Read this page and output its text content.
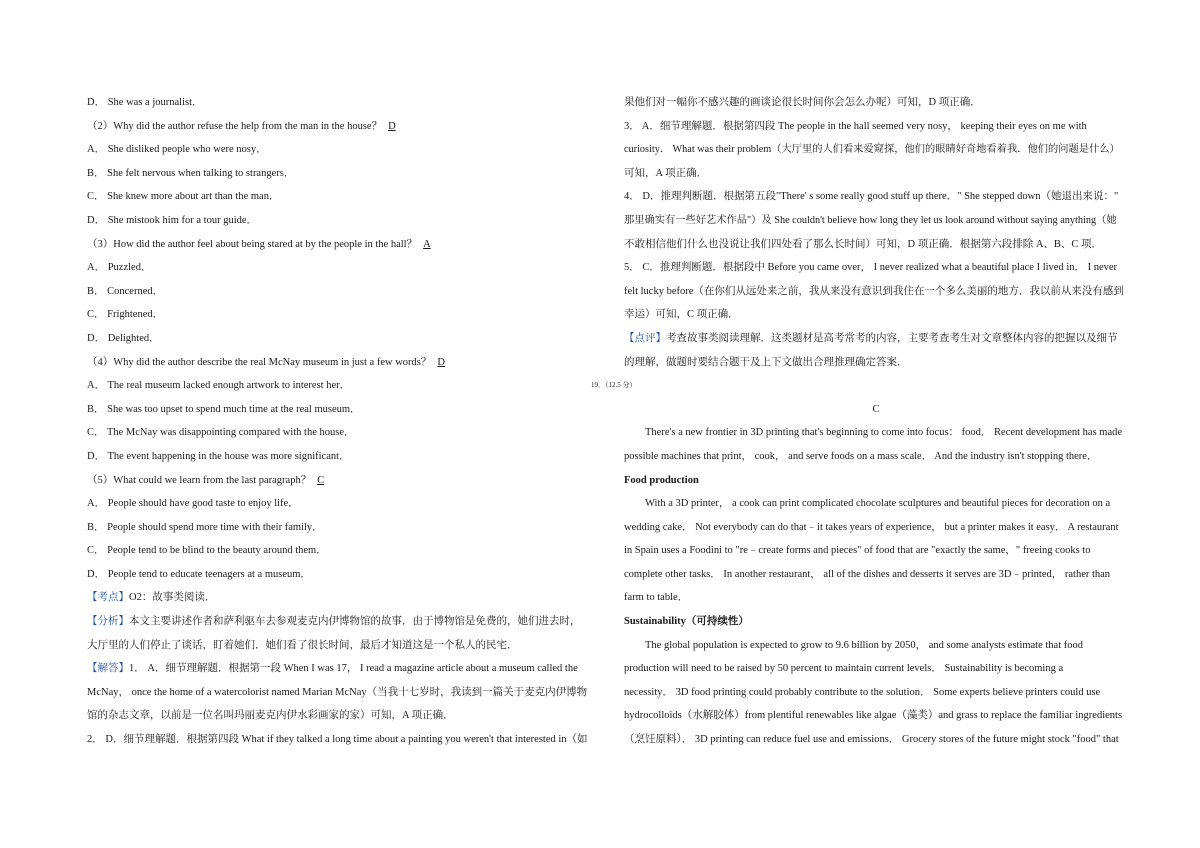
D． She was a journalist．
（2）Why did the author refuse the help from the man in the house？ D
A． She disliked people who were nosy．
B． She felt nervous when talking to strangers．
C． She knew more about art than the man．
D． She mistook him for a tour guide．
（3）How did the author feel about being stared at by the people in the hall？ A
A． Puzzled．
B． Concerned．
C． Frightened．
D． Delighted．
（4）Why did the author describe the real McNay museum in just a few words？ D
A． The real museum lacked enough artwork to interest her．
B． She was too upset to spend much time at the real museum．
C． The McNay was disappointing compared with the house．
D． The event happening in the house was more significant．
（5）What could we learn from the last paragraph？ C
A． People should have good taste to enjoy life．
B． People should spend more time with their family．
C． People tend to be blind to the beauty around them．
D． People tend to educate teenagers at a museum．
【考点】O2：故事类阅读．
【分析】本文主要讲述作者和萨利驱车去参观麦克内伊博物馆的故事．由于博物馆是免费的，她们进去时，
大厅里的人们停止了谈话，盯着她们．她们看了很长时间，最后才知道这是一个私人的民宅．
【解答】1． A．细节理解题．根据第一段 When I was 17， I read a magazine article about a museum called the
McNay， once the home of a watercolorist named Marian McNay（当我十七岁时，我读到一篇关于麦克内伊博物
馆的杂志文章，以前是一位名叫玛丽麦克内伊水彩画家的家）可知，A 项正确．
2． D．细节理解题．根据第四段 What if they talked a long time about a painting you weren't that interested in（如
果他们对一幅你不感兴趣的画谈论很长时间你会怎么办呢）可知，D 项正确．
3． A．细节理解题．根据第四段 The people in the hall seemed very nosy， keeping their eyes on me with
curiosity． What was their problem（大厅里的人们看来爱窥探，他们的眼睛好奇地看着我．他们的问题是什么）
可知，A 项正确．
4． D．推理判断题．根据第五段"There' s some really good stuff up there．" She stepped down（她退出来说："
那里确实有一些好艺术作品"）及 She couldn't believe how long they let us look around without saying anything（她
不敢相信他们什么也没说让我们四处看了那么长时间）可知，D 项正确．根据第六段排除 A、B、C 项．
5． C．推理判断题．根据段中 Before you came over， I never realized what a beautiful place I lived in． I never
felt lucky before（在你们从远处来之前，我从来没有意识到我住在一个多么美丽的地方．我以前从来没有感到
幸运）可知，C 项正确．
【点评】考查故事类阅读理解．这类题材是高考常考的内容，主要考查考生对文章整体内容的把握以及细节
的理解，做题时要结合题干及上下文做出合理推理确定答案．
19．（12.5 分）
C
There's a new frontier in 3D printing that's beginning to come into focus： food． Recent development has made
possible machines that print， cook， and serve foods on a mass scale． And the industry isn't stopping there．
Food production
With a 3D printer， a cook can print complicated chocolate sculptures and beautiful pieces for decoration on a
wedding cake． Not everybody can do that﹣it takes years of experience， but a printer makes it easy． A restaurant
in Spain uses a Foodini to "re﹣create forms and pieces" of food that are "exactly the same，" freeing cooks to
complete other tasks． In another restaurant， all of the dishes and desserts it serves are 3D﹣printed， rather than
farm to table．
Sustainability（可持续性）
The global population is expected to grow to 9.6 billion by 2050， and some analysts estimate that food
production will need to be raised by 50 percent to maintain current levels． Sustainability is becoming a
necessity． 3D food printing could probably contribute to the solution． Some experts believe printers could use
hydrocolloids（水解胶体）from plentiful renewables like algae（藻类）and grass to replace the familiar ingredients
（烹饪原料）． 3D printing can reduce fuel use and emissions． Grocery stores of the future might stock "food" that
